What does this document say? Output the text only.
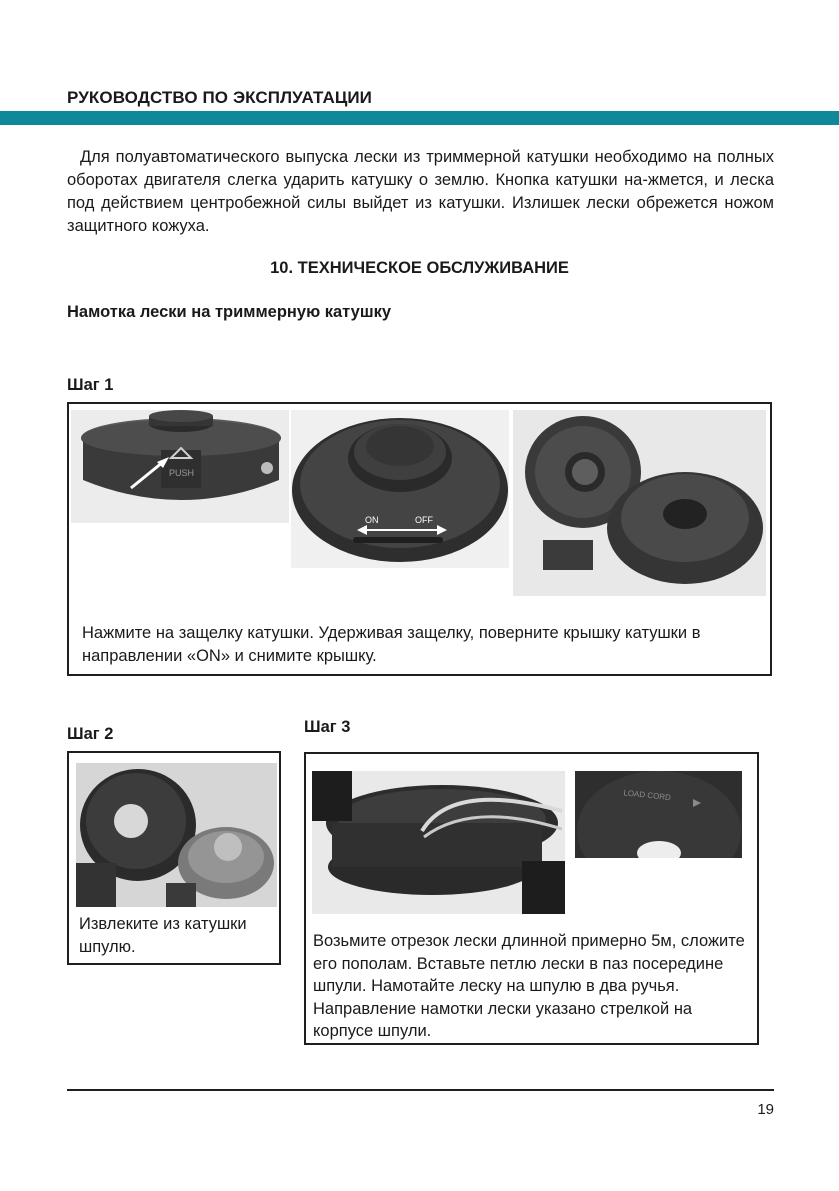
РУКОВОДСТВО ПО ЭКСПЛУАТАЦИИ
Для полуавтоматического выпуска лески из триммерной катушки необходимо на полных оборотах двигателя слегка ударить катушку о землю. Кнопка катушки на-жмется, и леска под действием центробежной силы выйдет из катушки. Излишек лески обрежется ножом защитного кожуха.
10. ТЕХНИЧЕСКОЕ ОБСЛУЖИВАНИЕ
Намотка лески на триммерную катушку
Шаг 1
PUSH
ON	OFF
Нажмите на защелку катушки. Удерживая защелку, поверните крышку катушки в направлении «ON» и снимите крышку.
Шаг 2
Извлеките из катушки шпулю.
Шаг 3
LOAD CORD
Возьмите отрезок лески длинной примерно 5м, сложите его пополам. Вставьте петлю лески в паз посередине шпули. Намотайте леску на шпулю в два ручья. Направление намотки лески указано стрелкой на корпусе шпули.
19
